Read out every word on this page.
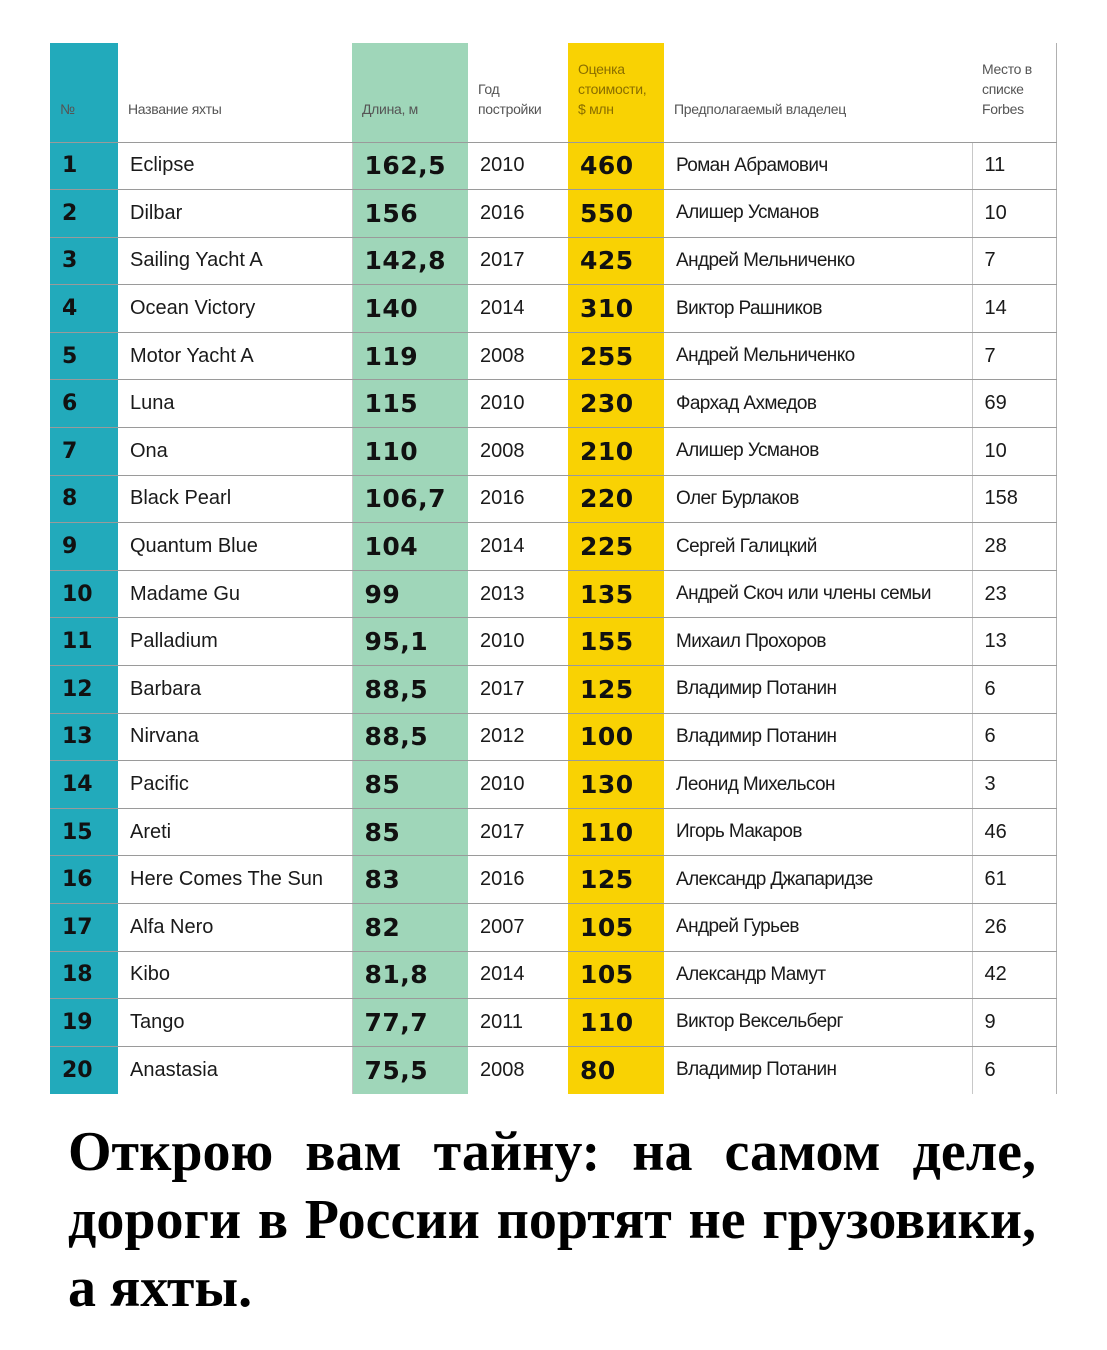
№	Название яхты	Длина, м	Год постройки	Оценка стоимости, $ млн	Предполагаемый владелец	Место в списке Forbes
1	Eclipse	162,5	2010	460	Роман Абрамович	11
2	Dilbar	156	2016	550	Алишер Усманов	10
3	Sailing Yacht A	142,8	2017	425	Андрей Мельниченко	7
4	Ocean Victory	140	2014	310	Виктор Рашников	14
5	Motor Yacht A	119	2008	255	Андрей Мельниченко	7
6	Luna	115	2010	230	Фархад Ахмедов	69
7	Ona	110	2008	210	Алишер Усманов	10
8	Black Pearl	106,7	2016	220	Олег Бурлаков	158
9	Quantum Blue	104	2014	225	Сергей Галицкий	28
10	Madame Gu	99	2013	135	Андрей Скоч или члены семьи	23
11	Palladium	95,1	2010	155	Михаил Прохоров	13
12	Barbara	88,5	2017	125	Владимир Потанин	6
13	Nirvana	88,5	2012	100	Владимир Потанин	6
14	Pacific	85	2010	130	Леонид Михельсон	3
15	Areti	85	2017	110	Игорь Макаров	46
16	Here Comes The Sun	83	2016	125	Александр Джапаридзе	61
17	Alfa Nero	82	2007	105	Андрей Гурьев	26
18	Kibo	81,8	2014	105	Александр Мамут	42
19	Tango	77,7	2011	110	Виктор Вексельберг	9
20	Anastasia	75,5	2008	80	Владимир Потанин	6

Открою вам тайну: на самом деле, дороги в России портят не грузовики, а яхты.
